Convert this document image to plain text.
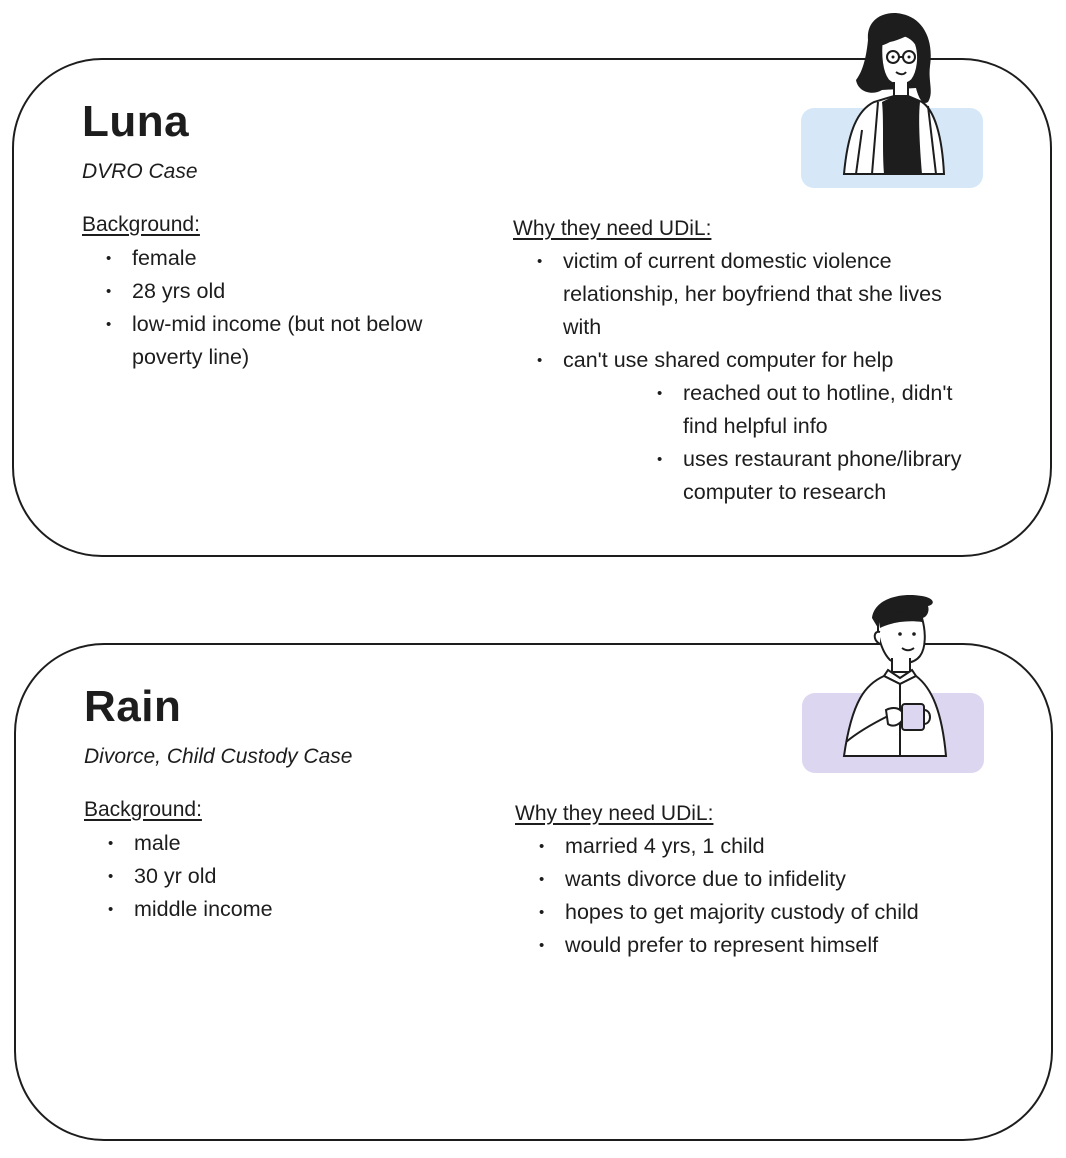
Luna
DVRO Case
Background:
• female
• 28 yrs old
• low-mid income (but not below poverty line)
Why they need UDiL:
• victim of current domestic violence relationship, her boyfriend that she lives with
• can't use shared computer for help
• reached out to hotline, didn't find helpful info
• uses restaurant phone/library computer to research
Rain
Divorce, Child Custody Case
Background:
• male
• 30 yr old
• middle income
Why they need UDiL:
• married 4 yrs, 1 child
• wants divorce due to infidelity
• hopes to get majority custody of child
• would prefer to represent himself
